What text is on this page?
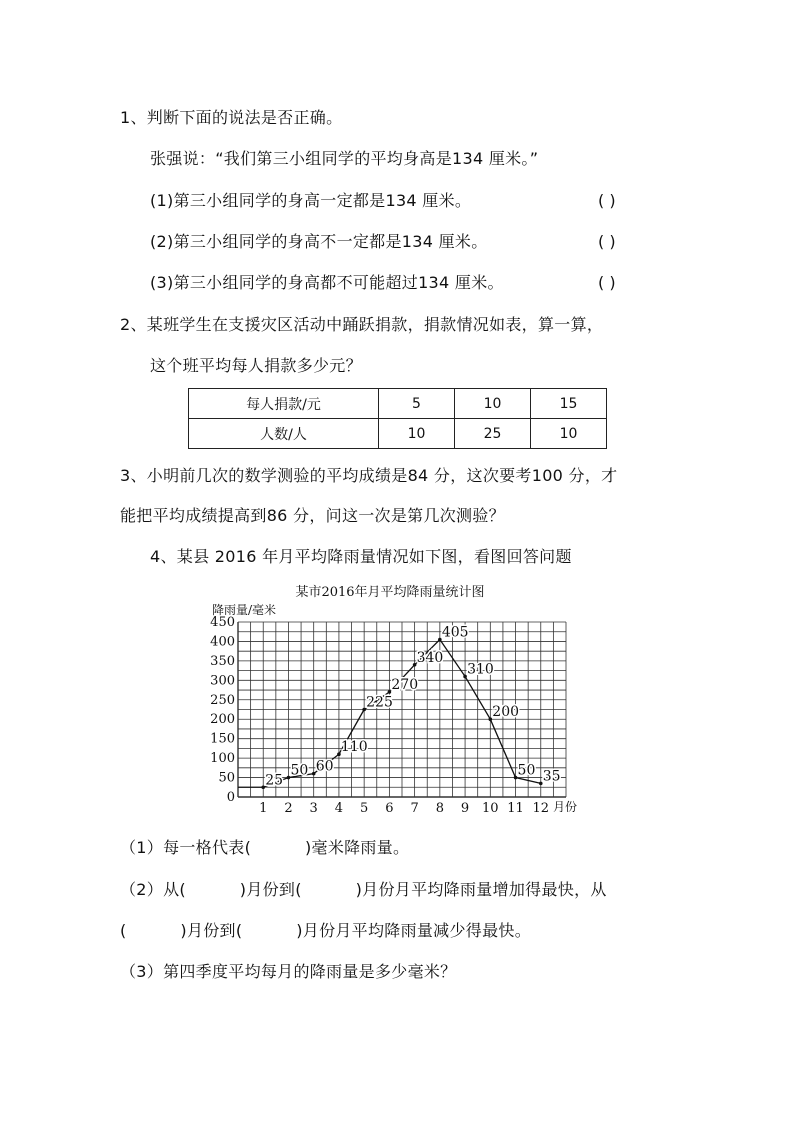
1、判断下面的说法是否正确。
张强说：“我们第三小组同学的平均身高是134 厘米。”
(1)第三小组同学的身高一定都是134 厘米。	( )
(2)第三小组同学的身高不一定都是134 厘米。	( )
(3)第三小组同学的身高都不可能超过134 厘米。	( )
2、某班学生在支援灾区活动中踊跃捐款，捐款情况如表，算一算，
这个班平均每人捐款多少元？
每人捐款/元	5	10	15
人数/人	10	25	10
3、小明前几次的数学测验的平均成绩是84 分，这次要考100 分，才
能把平均成绩提高到86 分，问这一次是第几次测验？
4、某县 2016 年月平均降雨量情况如下图，看图回答问题
某市2016年月平均降雨量统计图
降雨量/毫米
月份
0
50
100
150
200
250
300
350
400
450
1 2 3 4 5 6 7 8 9 10 11 12
25
50 60
110
225
270
340
405
310
200
50 35
（1）每一格代表(          )毫米降雨量。
（2）从(          )月份到(          )月份月平均降雨量增加得最快，从
(          )月份到(          )月份月平均降雨量减少得最快。
（3）第四季度平均每月的降雨量是多少毫米？
